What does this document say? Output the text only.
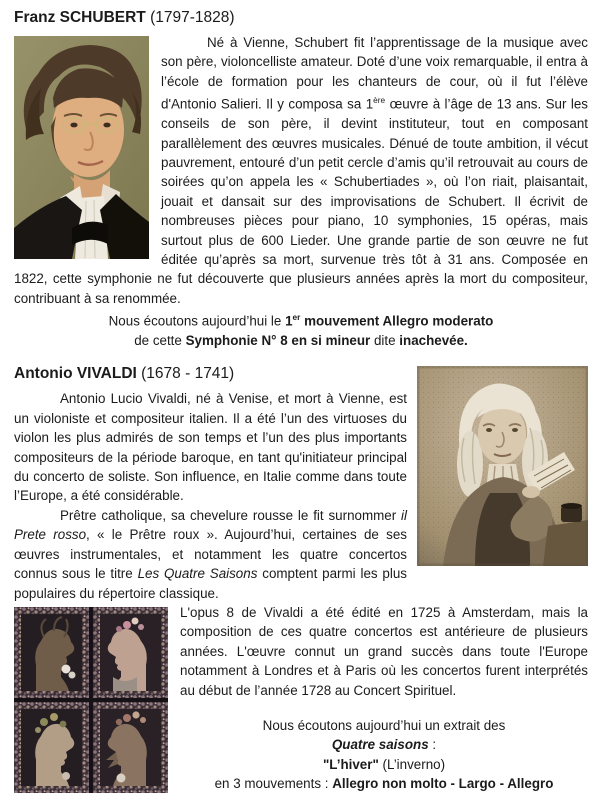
Franz SCHUBERT (1797-1828)

Né à Vienne, Schubert fit l’apprentissage de la musique avec son père, violoncelliste amateur. Doté d’une voix remarquable, il entra à l’école de formation pour les chanteurs de cour, où il fut l’élève d'Antonio Salieri. Il y composa sa 1ère œuvre à l’âge de 13 ans. Sur les conseils de son père, il devint instituteur, tout en composant parallèlement des œuvres musicales. Dénué de toute ambition, il vécut pauvrement, entouré d’un petit cercle d’amis qu’il retrouvait au cours de soirées qu’on appela les « Schubertiades », où l’on riait, plaisantait, jouait et dansait sur des improvisations de Schubert. Il écrivit de nombreuses pièces pour piano, 10 symphonies, 15 opéras, mais surtout plus de 600 Lieder. Une grande partie de son œuvre ne fut éditée qu’après sa mort, survenue très tôt à 31 ans. Composée en 1822, cette symphonie ne fut découverte que plusieurs années après la mort du compositeur, contribuant à sa renommée.

Nous écoutons aujourd’hui le 1er mouvement Allegro moderato

de cette Symphonie N° 8 en si mineur dite inachevée.

Antonio VIVALDI (1678 - 1741)

Antonio Lucio Vivaldi, né à Venise, et mort à Vienne, est un violoniste et compositeur italien. Il a été l’un des virtuoses du violon les plus admirés de son temps et l’un des plus importants compositeurs de la période baroque, en tant qu'initiateur principal du concerto de soliste. Son influence, en Italie comme dans toute l’Europe, a été considérable.

Prêtre catholique, sa chevelure rousse le fit surnommer il Prete rosso, « le Prêtre roux ». Aujourd’hui, certaines de ses œuvres instrumentales, et notamment les quatre concertos connus sous le titre Les Quatre Saisons comptent parmi les plus populaires du répertoire classique.

L'opus 8 de Vivaldi a été édité en 1725 à Amsterdam, mais la composition de ces quatre concertos est antérieure de plusieurs années. L'œuvre connut un grand succès dans toute l'Europe notamment à Londres et à Paris où les concertos furent interprétés au début de l’année 1728 au Concert Spirituel.

Nous écoutons aujourd’hui un extrait des

Quatre saisons :

"L’hiver" (L’inverno)

en 3 mouvements : Allegro non molto - Largo - Allegro
